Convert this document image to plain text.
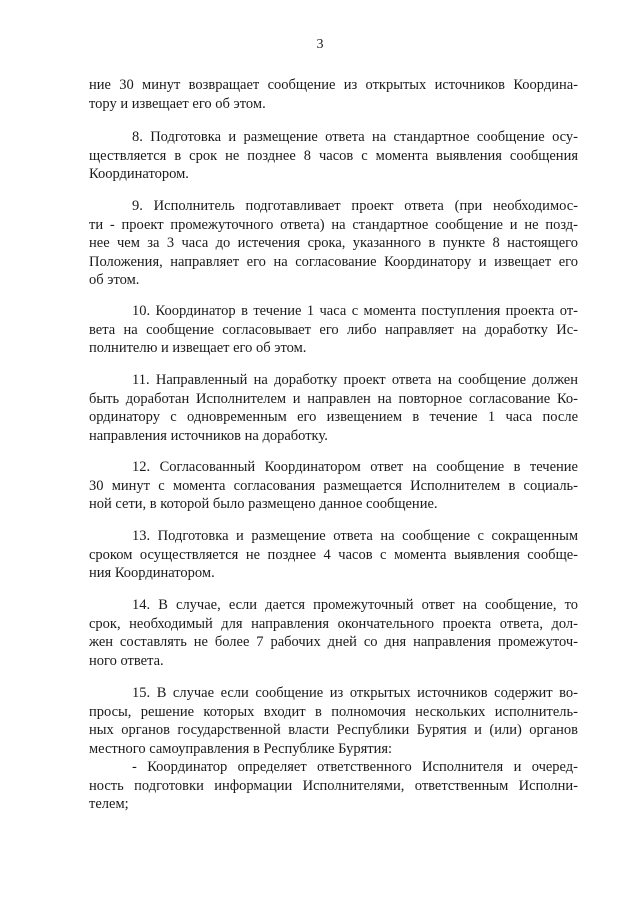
3
ние 30 минут возвращает сообщение из открытых источников Координа-
тору и извещает его об этом.
8. Подготовка и размещение ответа на стандартное сообщение осу-
ществляется в срок не позднее 8 часов с момента выявления сообщения
Координатором.
9. Исполнитель подготавливает проект ответа (при необходимос-
ти - проект промежуточного ответа) на стандартное сообщение и не позд-
нее чем за 3 часа до истечения срока, указанного в пункте 8 настоящего
Положения, направляет его на согласование Координатору и извещает его
об этом.
10. Координатор в течение 1 часа с момента поступления проекта от-
вета на сообщение согласовывает его либо направляет на доработку Ис-
полнителю и извещает его об этом.
11. Направленный на доработку проект ответа на сообщение должен
быть доработан Исполнителем и направлен на повторное согласование Ко-
ординатору с одновременным его извещением в течение 1 часа после
направления источников на доработку.
12. Согласованный Координатором ответ на сообщение в течение
30 минут с момента согласования размещается Исполнителем в социаль-
ной сети, в которой было размещено данное сообщение.
13. Подготовка и размещение ответа на сообщение с сокращенным
сроком осуществляется не позднее 4 часов с момента выявления сообще-
ния Координатором.
14. В случае, если дается промежуточный ответ на сообщение, то
срок, необходимый для направления окончательного проекта ответа, дол-
жен составлять не более 7 рабочих дней со дня направления промежуточ-
ного ответа.
15. В случае если сообщение из открытых источников содержит во-
просы, решение которых входит в полномочия нескольких исполнитель-
ных органов государственной власти Республики Бурятия и (или) органов
местного самоуправления в Республике Бурятия:
- Координатор определяет ответственного Исполнителя и очеред-
ность подготовки информации Исполнителями, ответственным Исполни-
телем;
